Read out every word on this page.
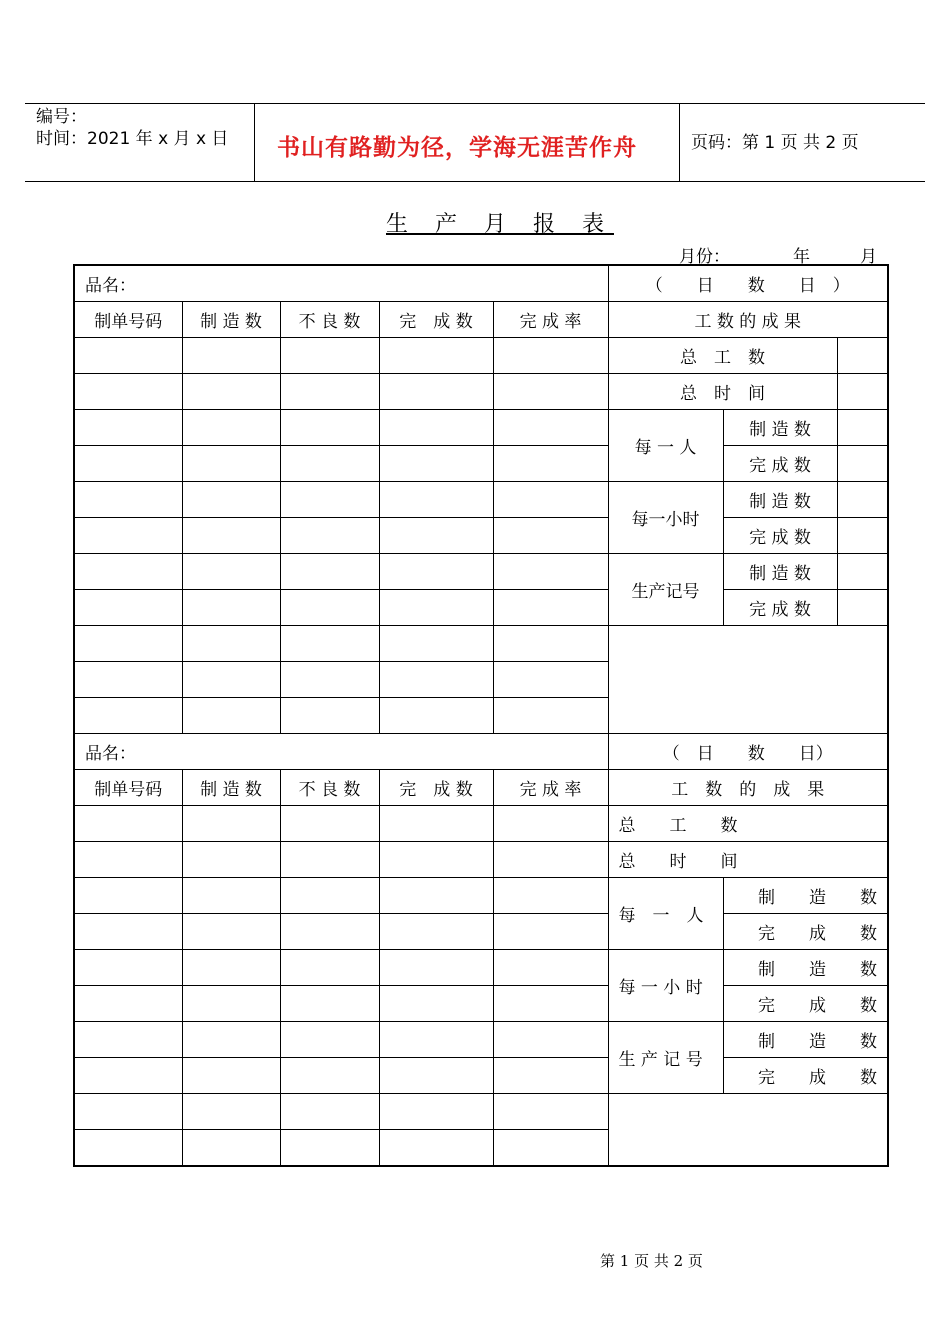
编号：
时间：2021 年 x 月 x 日 书山有路勤为径，学海无涯苦作舟	页码：第 1 页 共 2 页
生 产 月 报 表
月份：	年	月
品名：					（　　日　　数　　日　）		
制单号码	制 造 数	不 良 数	完　成 数	完 成 率	工 数 的 成 果		
					总　工　数		
					总　时　间		
					每 一 人	制 造 数	
						完 成 数	
					每一小时	制 造 数	
						完 成 数	
					生产记号	制 造 数	
						完 成 数	

品名：					（　日　　数　　日）		
制单号码	制 造 数	不 良 数	完　成 数	完 成 率	工　数　的　成　果		
					总　　工　　数		
					总　　时　　间		
					每　一　人	制　　造　　数	
						完　　成　　数	
					每 一 小 时	制　　造　　数	
						完　　成　　数	
					生 产 记 号	制　　造　　数	
						完　　成　　数	

第 1 页 共 2 页
